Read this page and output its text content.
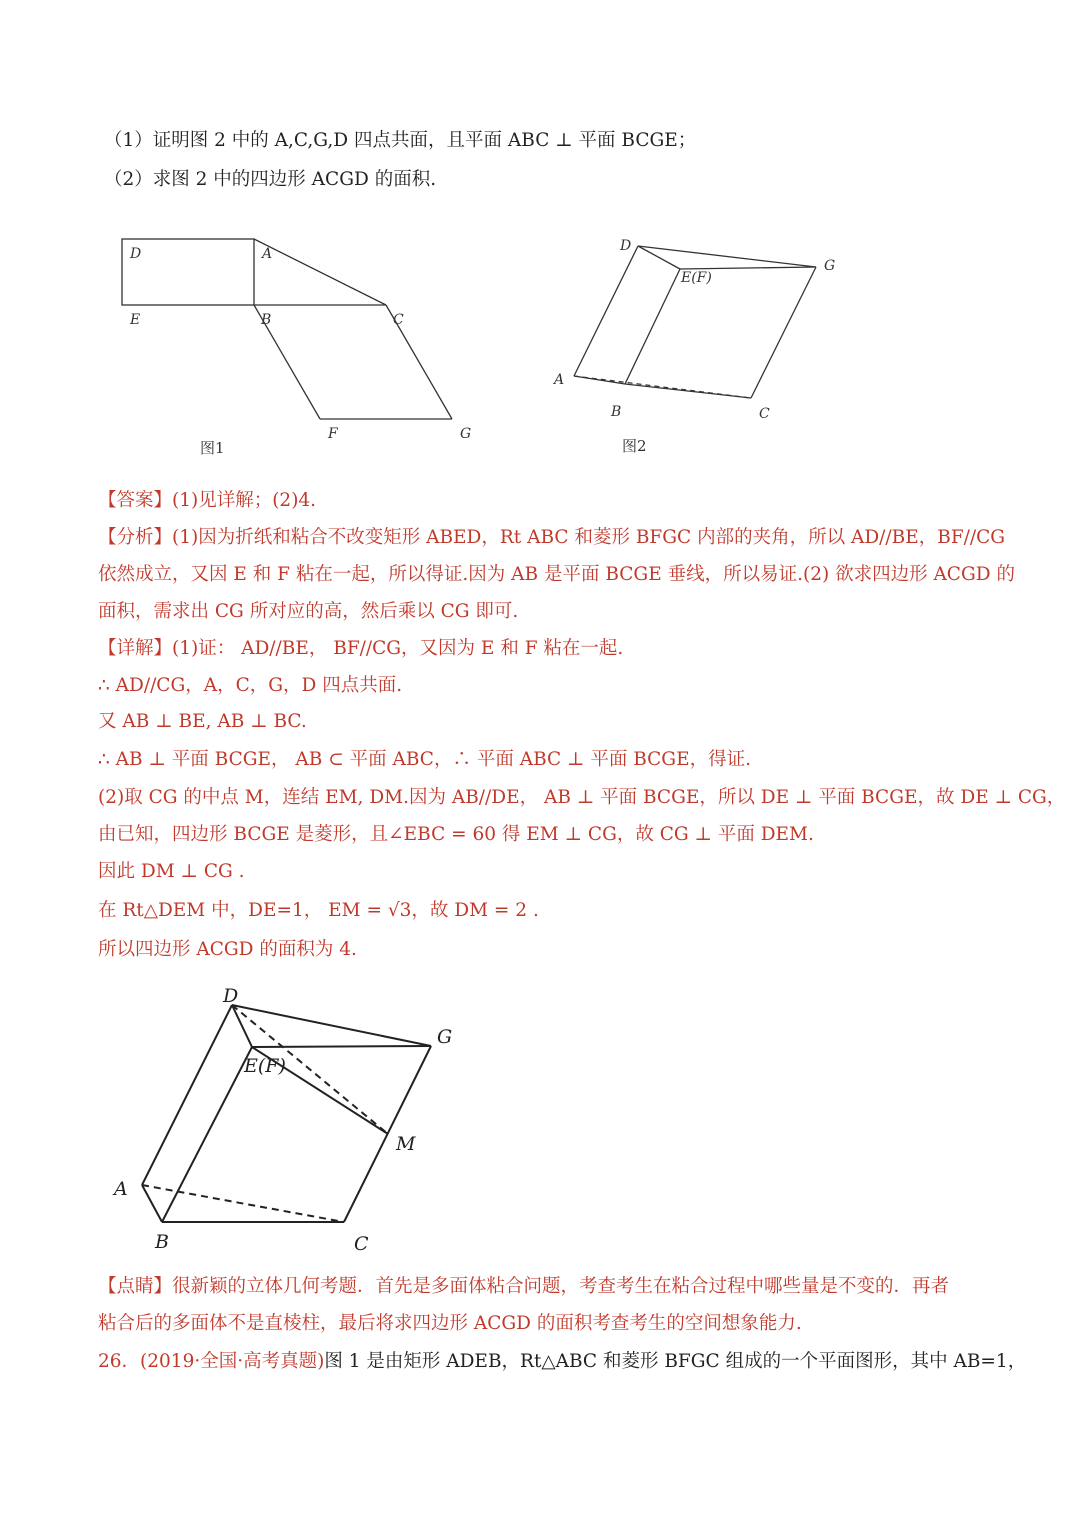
（1）证明图 2 中的 A,C,G,D 四点共面，且平面 ABC ⊥ 平面 BCGE；
（2）求图 2 中的四边形 ACGD 的面积.
D	A
E	B	C
F	G
图1
D
E(F)
G
A
B	C
图2
【答案】(1)见详解；(2)4.
【分析】(1)因为折纸和粘合不改变矩形 ABED，Rt ABC 和菱形 BFGC 内部的夹角，所以 AD//BE，BF//CG
依然成立，又因 E 和 F 粘在一起，所以得证.因为 AB 是平面 BCGE 垂线，所以易证.(2) 欲求四边形 ACGD 的
面积，需求出 CG 所对应的高，然后乘以 CG 即可.
【详解】(1)证： AD//BE， BF//CG，又因为 E 和 F 粘在一起.
∴ AD//CG，A，C，G，D 四点共面.
又 AB ⊥ BE, AB ⊥ BC.
∴ AB ⊥ 平面 BCGE， AB ⊂ 平面 ABC，∴ 平面 ABC ⊥ 平面 BCGE，得证.
(2)取 CG 的中点 M，连结 EM, DM.因为 AB//DE， AB ⊥ 平面 BCGE，所以 DE ⊥ 平面 BCGE，故 DE ⊥ CG，
由已知，四边形 BCGE 是菱形，且∠EBC = 60 得 EM ⊥ CG，故 CG ⊥ 平面 DEM.
因此 DM ⊥ CG .
在 Rt△DEM 中，DE=1， EM = √3，故 DM = 2 .
所以四边形 ACGD 的面积为 4.
D
E(F)
G
M
A
B	C
【点睛】很新颖的立体几何考题．首先是多面体粘合问题，考查考生在粘合过程中哪些量是不变的．再者
粘合后的多面体不是直棱柱，最后将求四边形 ACGD 的面积考查考生的空间想象能力.
26．(2019·全国·高考真题)图 1 是由矩形 ADEB，Rt△ABC 和菱形 BFGC 组成的一个平面图形，其中 AB=1，
